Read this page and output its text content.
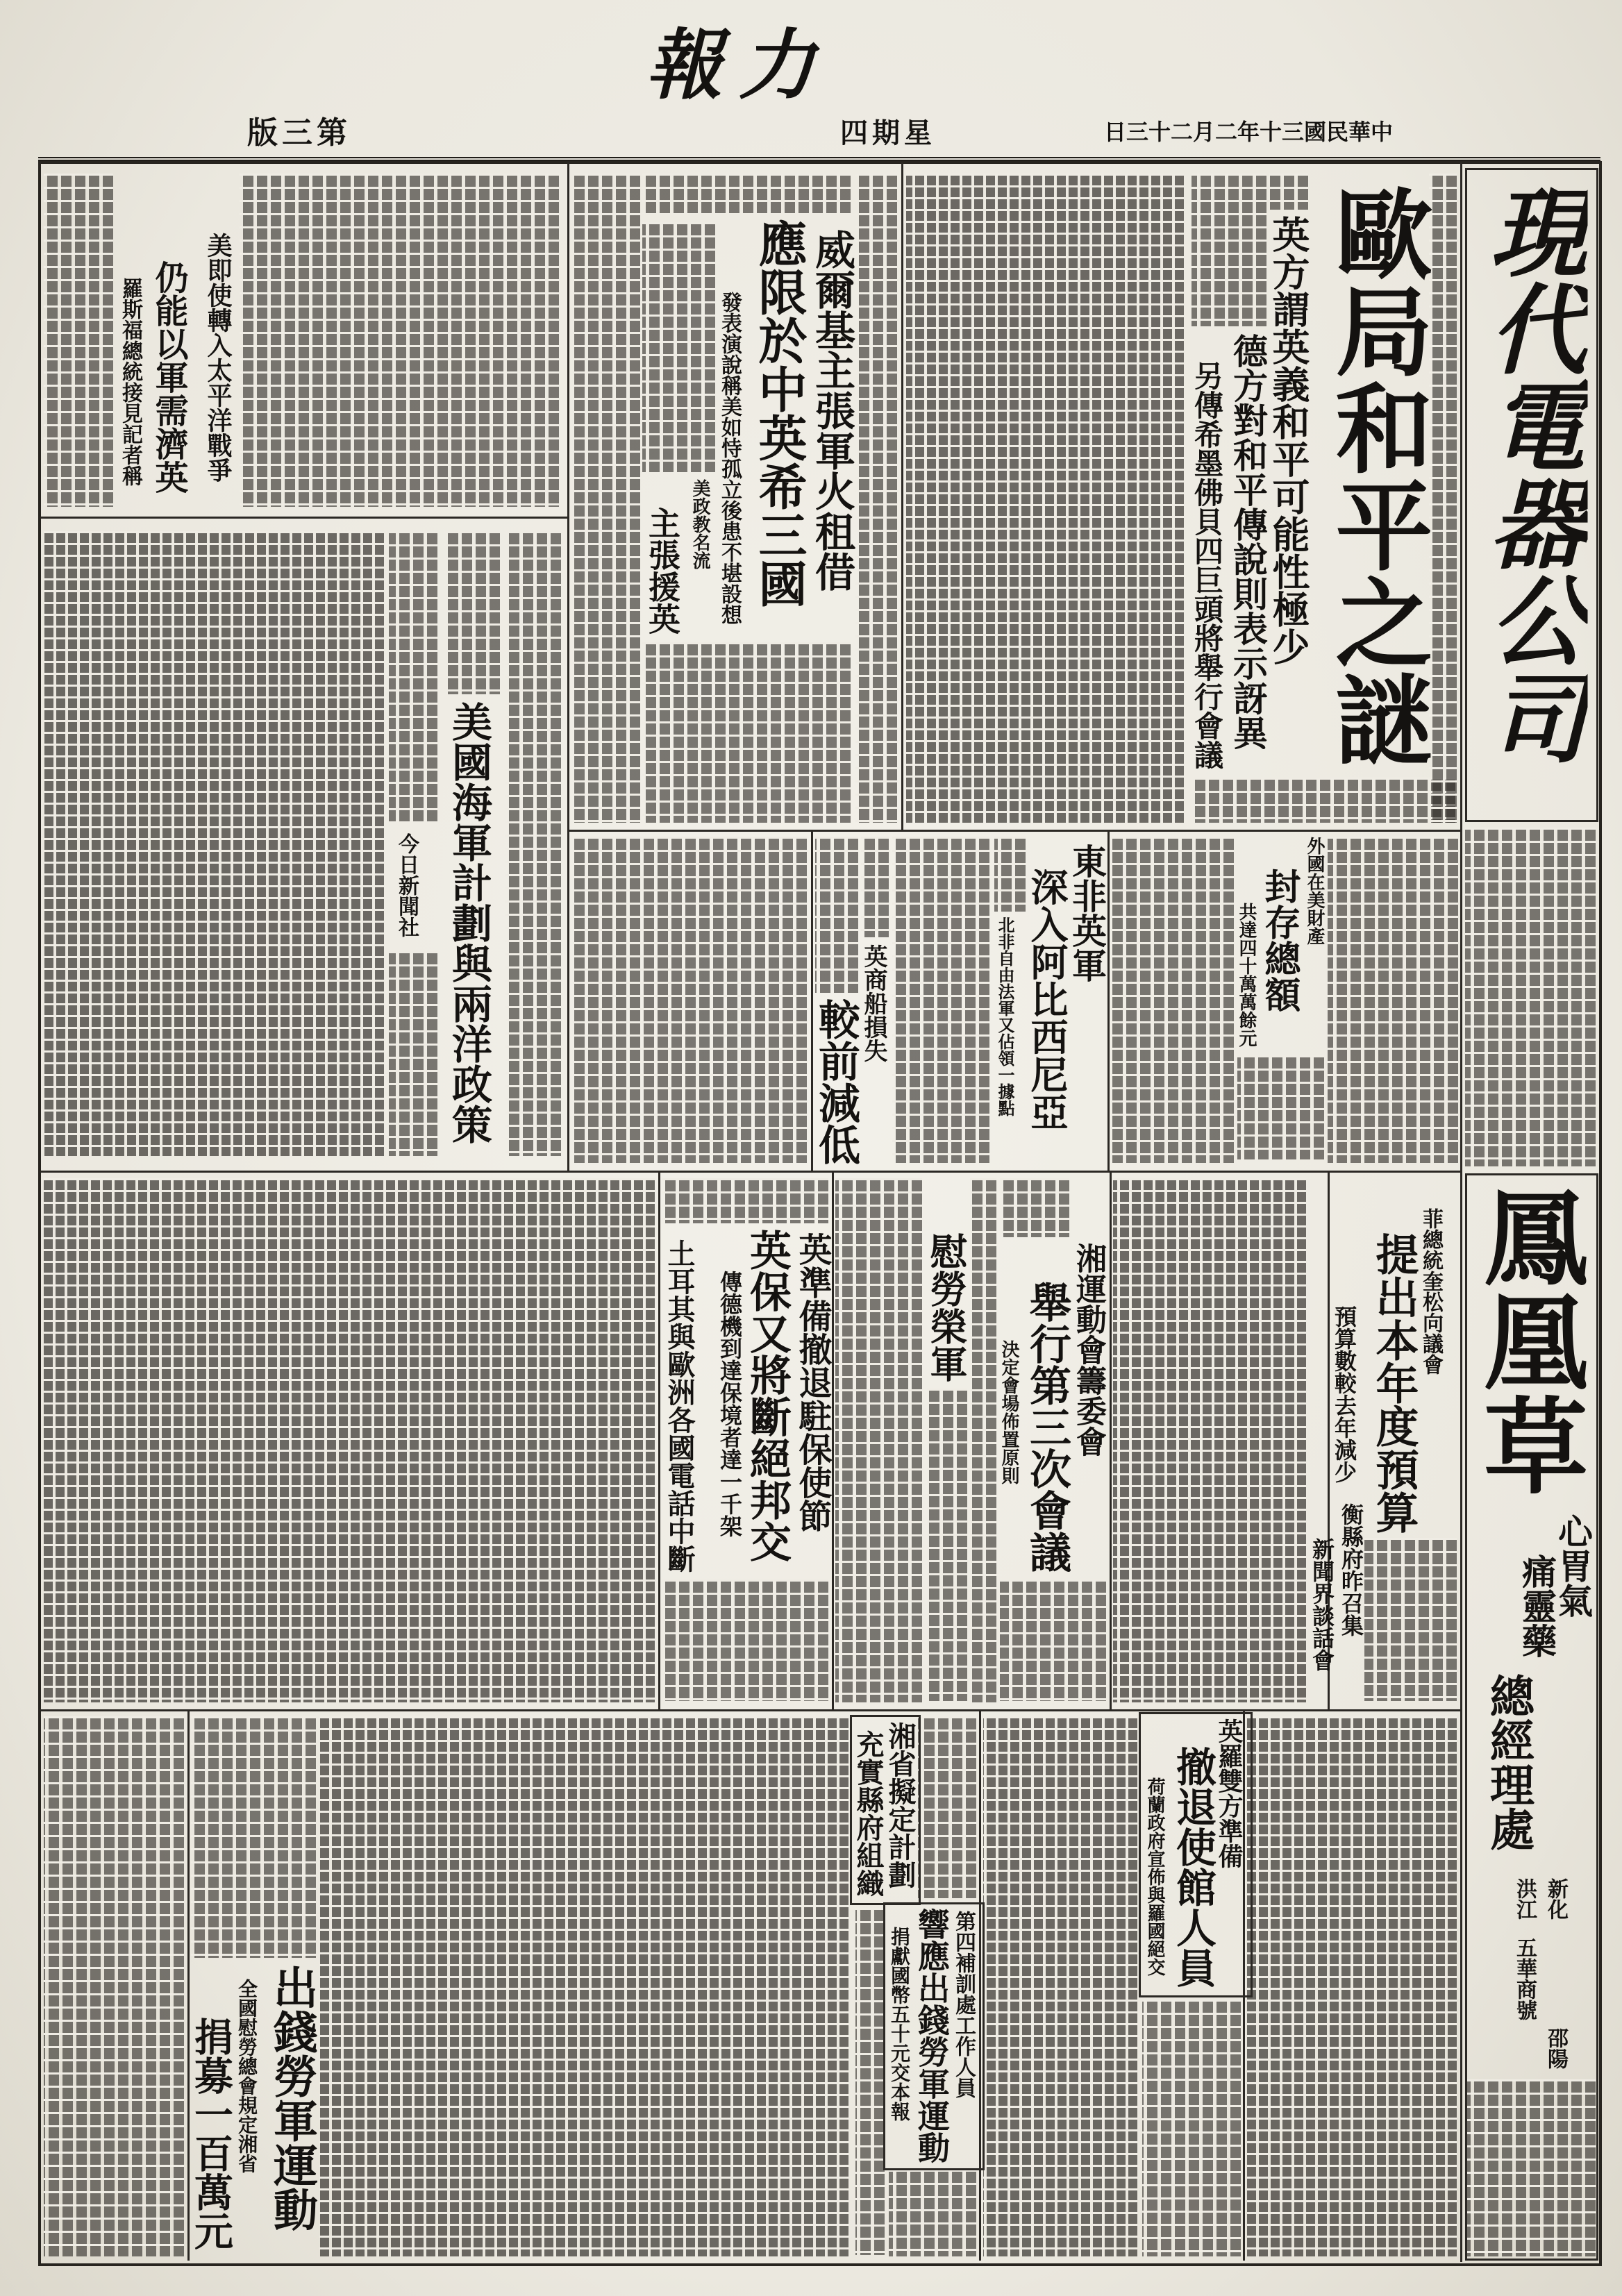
力報
第三版	星期四	中華民國三十年二月二十三日
歐局和平之謎
英方謂英義和平可能性極少
德方對和平傳說則表示訝異
另傳希墨佛貝四巨頭將舉行會議
威爾基主張軍火租借
應限於中英希三國
發表演說稱美如恃孤立後患不堪設想
美政教名流
主張援英
美即使轉入太平洋戰爭
仍能以軍需濟英
羅斯福總統接見記者稱
美國海軍計劃與兩洋政策
今日新聞社	東非英軍
深入阿比西尼亞
北非自由法軍又佔領一據點
外國在美財產
封存總額
共達四十萬萬餘元
英商船損失
較前減低
菲總統奎松向議會
提出本年度預算
預算數較去年減少
衡縣府昨召集
新聞界談話會
湘運動會籌委會
舉行第三次會議
決定會場佈置原則
慰勞榮軍
英準備撤退駐保使節
英保又將斷絕邦交
傳德機到達保境者達一千架
土耳其與歐洲各國電話中斷
英羅雙方準備
撤退使館人員
荷蘭政府宣佈與羅國絕交
湘省擬定計劃
充實縣府組織
第四補訓處工作人員
響應出錢勞軍運動
捐獻國幣五十元交本報
出錢勞軍運動
全國慰勞總會規定湘省
捐募一百萬元
現代電器公司
鳳凰草
心胃氣
痛靈藥
總經理處
新化
洪江
五華商號
邵陽
